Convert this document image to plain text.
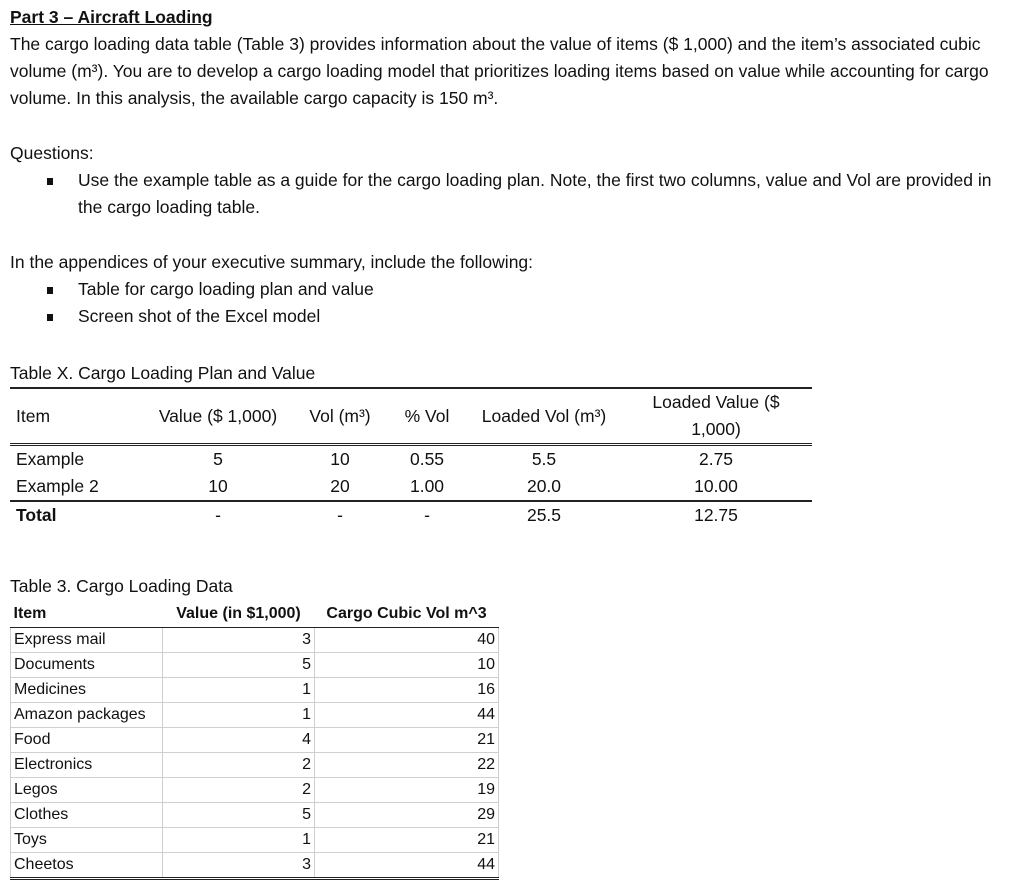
Part 3 – Aircraft Loading

The cargo loading data table (Table 3) provides information about the value of items ($ 1,000) and the item’s associated cubic volume (m³). You are to develop a cargo loading model that prioritizes loading items based on value while accounting for cargo volume. In this analysis, the available cargo capacity is 150 m³.

Questions:

Use the example table as a guide for the cargo loading plan. Note, the first two columns, value and Vol are provided in the cargo loading table.

In the appendices of your executive summary, include the following:

Table for cargo loading plan and value
Screen shot of the Excel model
Table X. Cargo Loading Plan and Value
Item	Value ($ 1,000)	Vol (m³)	% Vol	Loaded Vol (m³)	Loaded Value ($ 1,000)
Example	5	10	0.55	5.5	2.75
Example 2	10	20	1.00	20.0	10.00
Total	-	-	-	25.5	12.75
Table 3. Cargo Loading Data
Item	Value (in $1,000)	Cargo Cubic Vol m^3
Express mail	3	40
Documents	5	10
Medicines	1	16
Amazon packages	1	44
Food	4	21
Electronics	2	22
Legos	2	19
Clothes	5	29
Toys	1	21
Cheetos	3	44
